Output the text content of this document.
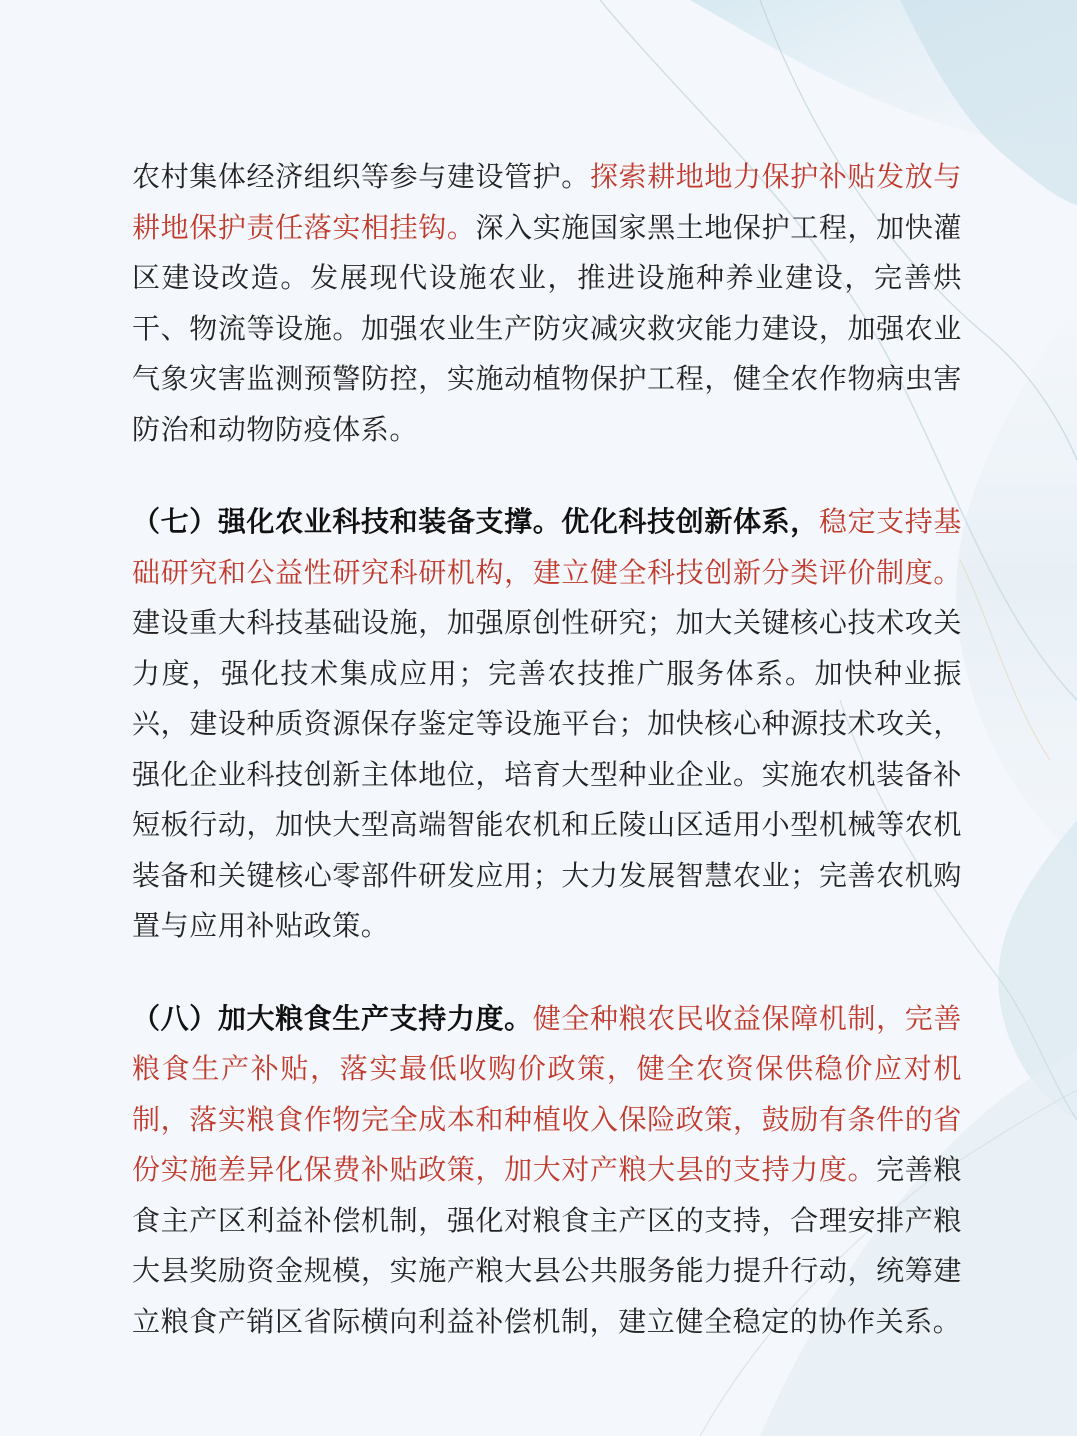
农村集体经济组织等参与建设管护。探索耕地地力保护补贴发放与耕地保护责任落实相挂钩。深入实施国家黑土地保护工程，加快灌区建设改造。发展现代设施农业，推进设施种养业建设，完善烘干、物流等设施。加强农业生产防灾减灾救灾能力建设，加强农业气象灾害监测预警防控，实施动植物保护工程，健全农作物病虫害防治和动物防疫体系。

（七）强化农业科技和装备支撑。优化科技创新体系，稳定支持基础研究和公益性研究科研机构，建立健全科技创新分类评价制度。建设重大科技基础设施，加强原创性研究；加大关键核心技术攻关力度，强化技术集成应用；完善农技推广服务体系。加快种业振兴，建设种质资源保存鉴定等设施平台；加快核心种源技术攻关，强化企业科技创新主体地位，培育大型种业企业。实施农机装备补短板行动，加快大型高端智能农机和丘陵山区适用小型机械等农机装备和关键核心零部件研发应用；大力发展智慧农业；完善农机购置与应用补贴政策。

（八）加大粮食生产支持力度。健全种粮农民收益保障机制，完善粮食生产补贴，落实最低收购价政策，健全农资保供稳价应对机制，落实粮食作物完全成本和种植收入保险政策，鼓励有条件的省份实施差异化保费补贴政策，加大对产粮大县的支持力度。完善粮食主产区利益补偿机制，强化对粮食主产区的支持，合理安排产粮大县奖励资金规模，实施产粮大县公共服务能力提升行动，统筹建立粮食产销区省际横向利益补偿机制，建立健全稳定的协作关系。
